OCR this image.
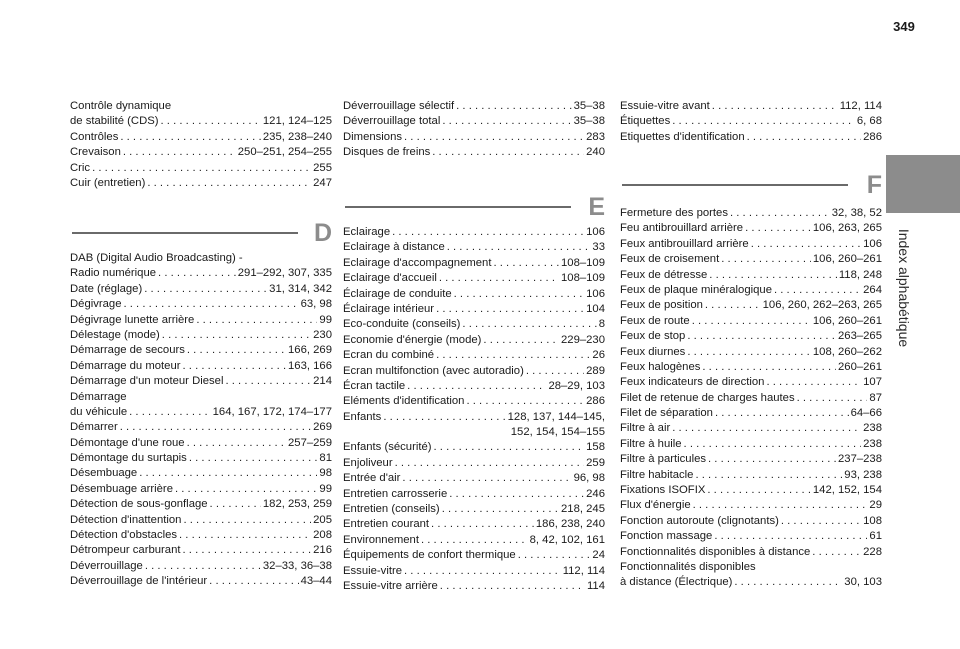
349
Index alphabétique
Contrôle dynamique
de stabilité (CDS) . . .	121, 124–125
Contrôles . . .	235, 238–240
Crevaison . . .	250–251, 254–255
Cric . . .	255
Cuir (entretien) . . .	247
D
DAB (Digital Audio Broadcasting) -
Radio numérique . . .	291–292, 307, 335
Date (réglage) . . .	31, 314, 342
Dégivrage . . .	63, 98
Dégivrage lunette arrière . . .	99
Délestage (mode) . . .	230
Démarrage de secours . . .	166, 269
Démarrage du moteur . . .	163, 166
Démarrage d'un moteur Diesel . . .	214
Démarrage
du véhicule . . .	164, 167, 172, 174–177
Démarrer . . .	269
Démontage d'une roue . . .	257–259
Démontage du surtapis . . .	81
Désembuage . . .	98
Désembuage arrière . . .	99
Détection de sous-gonflage . . .	182, 253, 259
Détection d'inattention . . .	205
Détection d'obstacles . . .	208
Détrompeur carburant . . .	216
Déverrouillage . . .	32–33, 36–38
Déverrouillage de l'intérieur . . .	43–44
Déverrouillage sélectif . . .	35–38
Déverrouillage total . . .	35–38
Dimensions . . .	283
Disques de freins . . .	240
E
Eclairage . . .	106
Eclairage à distance . . .	33
Eclairage d'accompagnement . . .	108–109
Eclairage d'accueil . . .	108–109
Éclairage de conduite . . .	106
Éclairage intérieur . . .	104
Eco-conduite (conseils) . . .	8
Economie d'énergie (mode) . . .	229–230
Ecran du combiné . . .	26
Ecran multifonction (avec autoradio) . . .	289
Écran tactile . . .	28–29, 103
Eléments d'identification . . .	286
Enfants . . .	128, 137, 144–145,
152, 154, 154–155
Enfants (sécurité) . . .	158
Enjoliveur . . .	259
Entrée d'air . . .	96, 98
Entretien carrosserie . . .	246
Entretien (conseils) . . .	218, 245
Entretien courant . . .	186, 238, 240
Environnement . . .	8, 42, 102, 161
Équipements de confort thermique . . .	24
Essuie-vitre . . .	112, 114
Essuie-vitre arrière . . .	114
Essuie-vitre avant . . .	112, 114
Étiquettes . . .	6, 68
Etiquettes d'identification . . .	286
F
Fermeture des portes . . .	32, 38, 52
Feu antibrouillard arrière . . .	106, 263, 265
Feux antibrouillard arrière . . .	106
Feux de croisement . . .	106, 260–261
Feux de détresse . . .	118, 248
Feux de plaque minéralogique . . .	264
Feux de position . . .	106, 260, 262–263, 265
Feux de route . . .	106, 260–261
Feux de stop . . .	263–265
Feux diurnes . . .	108, 260–262
Feux halogènes . . .	260–261
Feux indicateurs de direction . . .	107
Filet de retenue de charges hautes . . .	87
Filet de séparation . . .	64–66
Filtre à air . . .	238
Filtre à huile . . .	238
Filtre à particules . . .	237–238
Filtre habitacle . . .	93, 238
Fixations ISOFIX . . .	142, 152, 154
Flux d'énergie . . .	29
Fonction autoroute (clignotants) . . .	108
Fonction massage . . .	61
Fonctionnalités disponibles à distance . . .	228
Fonctionnalités disponibles
à distance (Électrique) . . .	30, 103
